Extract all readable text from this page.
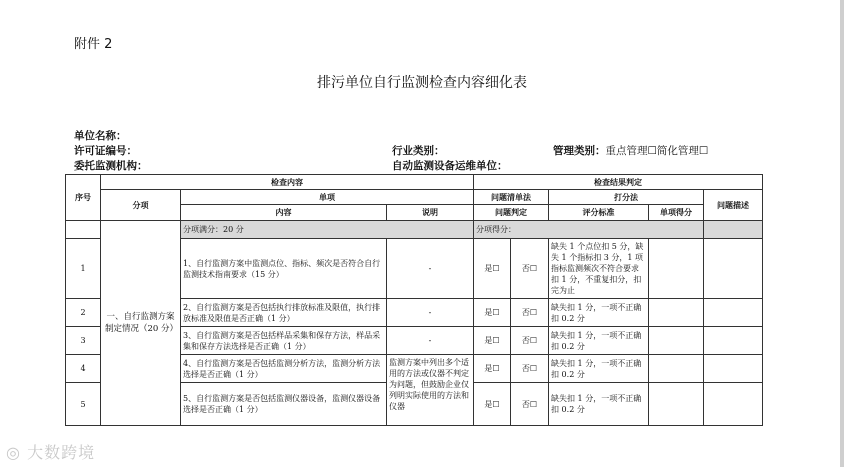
附件 2
排污单位自行监测检查内容细化表
单位名称：
许可证编号：	行业类别：	管理类别：重点管理☐简化管理☐
委托监测机构：	自动监测设备运维单位：
序号	检查内容			检查结果判定				
	分项	单项		问题清单法		打分法		问题描述
		内容	说明	问题判定		评分标准	单项得分	

	一、自行监测方案制定情况（20 分）	分项满分：20 分		分项得分：				
1		1、自行监测方案中监测点位、指标、频次是否符合自行监测技术指南要求（15 分）	-	是☐	否☐	缺失 1 个点位扣 5 分，缺失 1 个指标扣 3 分，1 项指标监测频次不符合要求扣 1 分，不重复扣分，扣完为止		
2		2、自行监测方案是否包括执行排放标准及限值，执行排放标准及限值是否正确（1 分）	-	是☐	否☐	缺失扣 1 分，一项不正确扣 0.2 分		
3		3、自行监测方案是否包括样品采集和保存方法，样品采集和保存方法选择是否正确（1 分）	-	是☐	否☐	缺失扣 1 分，一项不正确扣 0.2 分		
4		4、自行监测方案是否包括监测分析方法，监测分析方法选择是否正确（1 分）	监测方案中列出多个适用的方法或仪器不判定为问题，但鼓励企业仅列明实际使用的方法和仪器	是☐	否☐	缺失扣 1 分，一项不正确扣 0.2 分		
5		5、自行监测方案是否包括监测仪器设备，监测仪器设备选择是否正确（1 分）		是☐	否☐	缺失扣 1 分，一项不正确扣 0.2 分		
◎ 大数跨境
